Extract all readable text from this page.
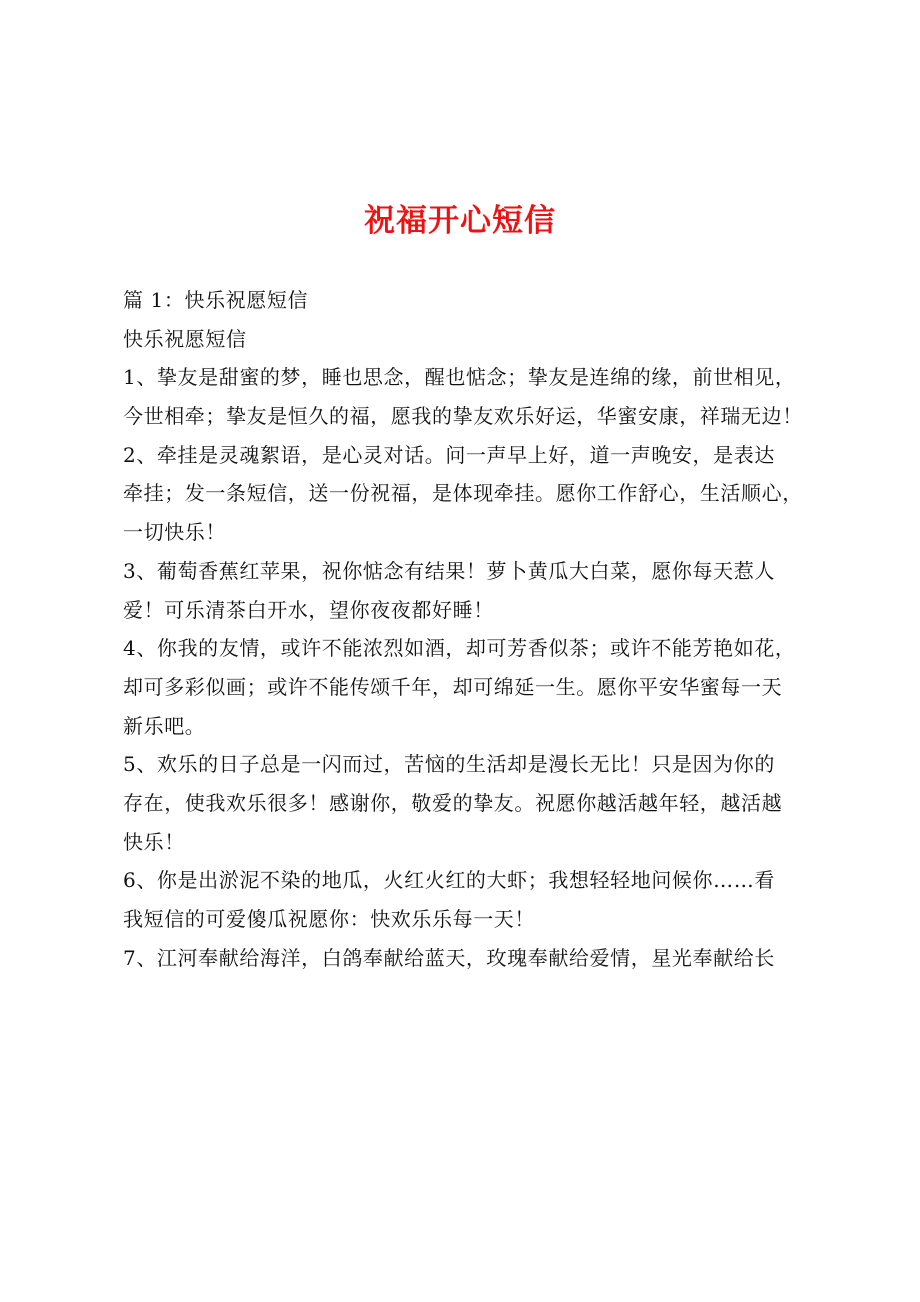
祝福开心短信
篇 1：快乐祝愿短信
快乐祝愿短信
1、挚友是甜蜜的梦，睡也思念，醒也惦念；挚友是连绵的缘，前世相见，
今世相牵；挚友是恒久的福，愿我的挚友欢乐好运，华蜜安康，祥瑞无边！
2、牵挂是灵魂絮语，是心灵对话。问一声早上好，道一声晚安，是表达
牵挂；发一条短信，送一份祝福，是体现牵挂。愿你工作舒心，生活顺心，
一切快乐！
3、葡萄香蕉红苹果，祝你惦念有结果！萝卜黄瓜大白菜，愿你每天惹人
爱！可乐清茶白开水，望你夜夜都好睡！
4、你我的友情，或许不能浓烈如酒，却可芳香似茶；或许不能芳艳如花，
却可多彩似画；或许不能传颂千年，却可绵延一生。愿你平安华蜜每一天
新乐吧。
5、欢乐的日子总是一闪而过，苦恼的生活却是漫长无比！只是因为你的
存在，使我欢乐很多！感谢你，敬爱的挚友。祝愿你越活越年轻，越活越
快乐！
6、你是出淤泥不染的地瓜，火红火红的大虾；我想轻轻地问候你……看
我短信的可爱傻瓜祝愿你：快欢乐乐每一天！
7、江河奉献给海洋，白鸽奉献给蓝天，玫瑰奉献给爱情，星光奉献给长
